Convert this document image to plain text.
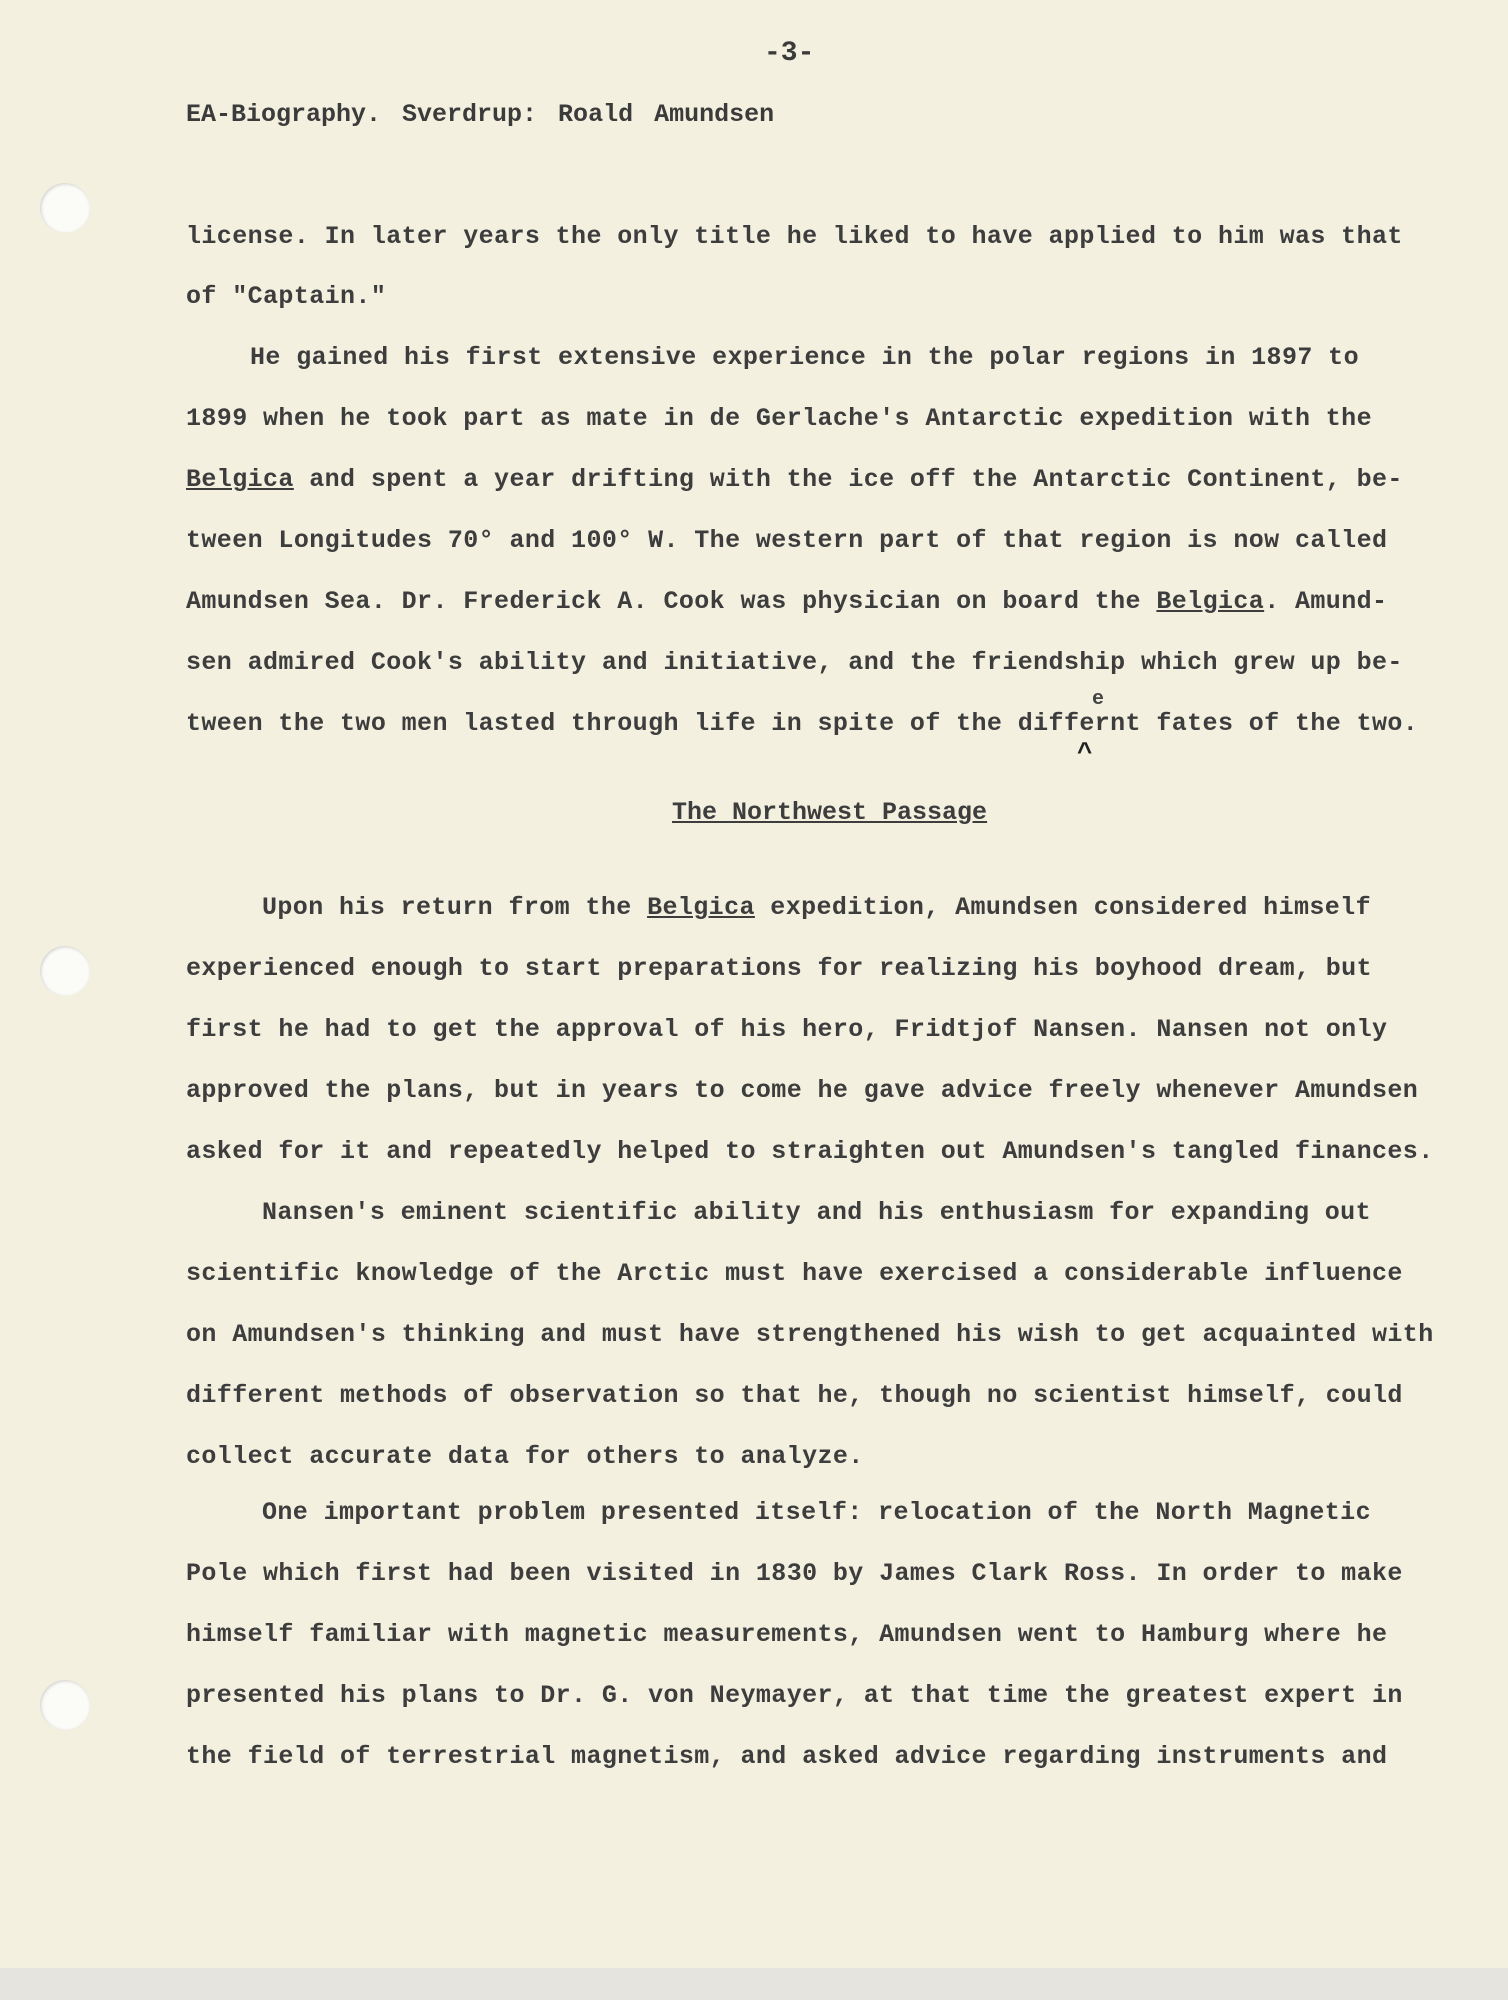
-3-
EA-Biography. Sverdrup: Roald Amundsen
license. In later years the only title he liked to have applied to him was that
of "Captain."
He gained his first extensive experience in the polar regions in 1897 to
1899 when he took part as mate in de Gerlache's Antarctic expedition with the
Belgica and spent a year drifting with the ice off the Antarctic Continent, be-
tween Longitudes 70° and 100° W. The western part of that region is now called
Amundsen Sea. Dr. Frederick A. Cook was physician on board the Belgica. Amund-
sen admired Cook's ability and initiative, and the friendship which grew up be-
e
tween the two men lasted through life in spite of the differnt fates of the two.
^
The Northwest Passage
Upon his return from the Belgica expedition, Amundsen considered himself
experienced enough to start preparations for realizing his boyhood dream, but
first he had to get the approval of his hero, Fridtjof Nansen. Nansen not only
approved the plans, but in years to come he gave advice freely whenever Amundsen
asked for it and repeatedly helped to straighten out Amundsen's tangled finances.
Nansen's eminent scientific ability and his enthusiasm for expanding out
scientific knowledge of the Arctic must have exercised a considerable influence
on Amundsen's thinking and must have strengthened his wish to get acquainted with
different methods of observation so that he, though no scientist himself, could
collect accurate data for others to analyze.
One important problem presented itself: relocation of the North Magnetic
Pole which first had been visited in 1830 by James Clark Ross. In order to make
himself familiar with magnetic measurements, Amundsen went to Hamburg where he
presented his plans to Dr. G. von Neymayer, at that time the greatest expert in
the field of terrestrial magnetism, and asked advice regarding instruments and
